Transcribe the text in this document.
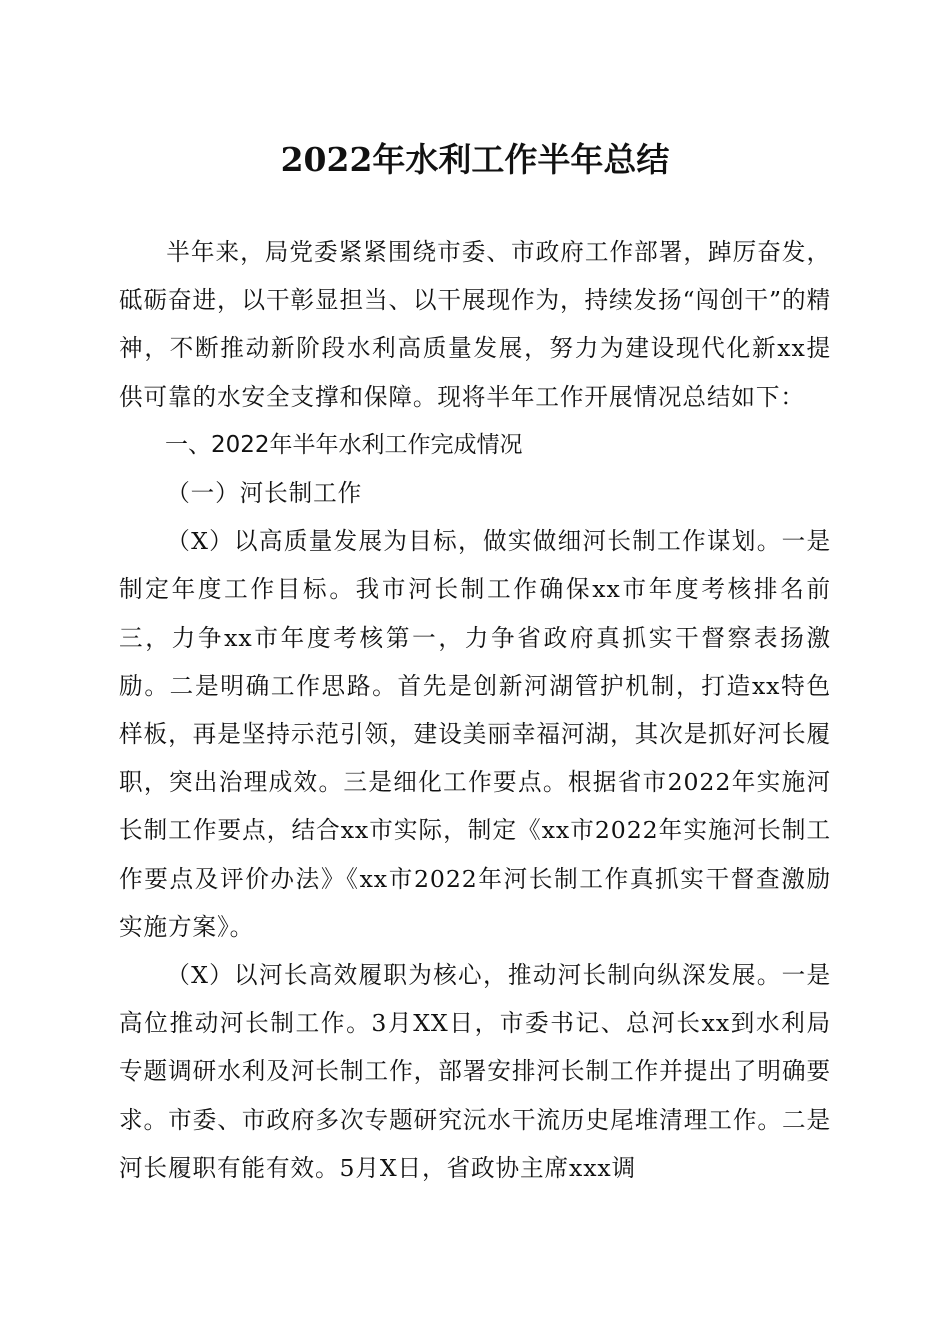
2022年水利工作半年总结

半年来，局党委紧紧围绕市委、市政府工作部署，踔厉奋发，砥砺奋进，以干彰显担当、以干展现作为，持续发扬“闯创干”的精神，不断推动新阶段水利高质量发展，努力为建设现代化新xx提供可靠的水安全支撑和保障。现将半年工作开展情况总结如下：

一、2022年半年水利工作完成情况

（一）河长制工作

（X）以高质量发展为目标，做实做细河长制工作谋划。一是制定年度工作目标。我市河长制工作确保xx市年度考核排名前三，力争xx市年度考核第一，力争省政府真抓实干督察表扬激励。二是明确工作思路。首先是创新河湖管护机制，打造xx特色样板，再是坚持示范引领，建设美丽幸福河湖，其次是抓好河长履职，突出治理成效。三是细化工作要点。根据省市2022年实施河长制工作要点，结合xx市实际，制定《xx市2022年实施河长制工作要点及评价办法》《xx市2022年河长制工作真抓实干督查激励实施方案》。

（X）以河长高效履职为核心，推动河长制向纵深发展。一是高位推动河长制工作。3月XX日，市委书记、总河长xx到水利局专题调研水利及河长制工作，部署安排河长制工作并提出了明确要求。市委、市政府多次专题研究沅水干流历史尾堆清理工作。二是河长履职有能有效。5月X日，省政协主席xxx调
